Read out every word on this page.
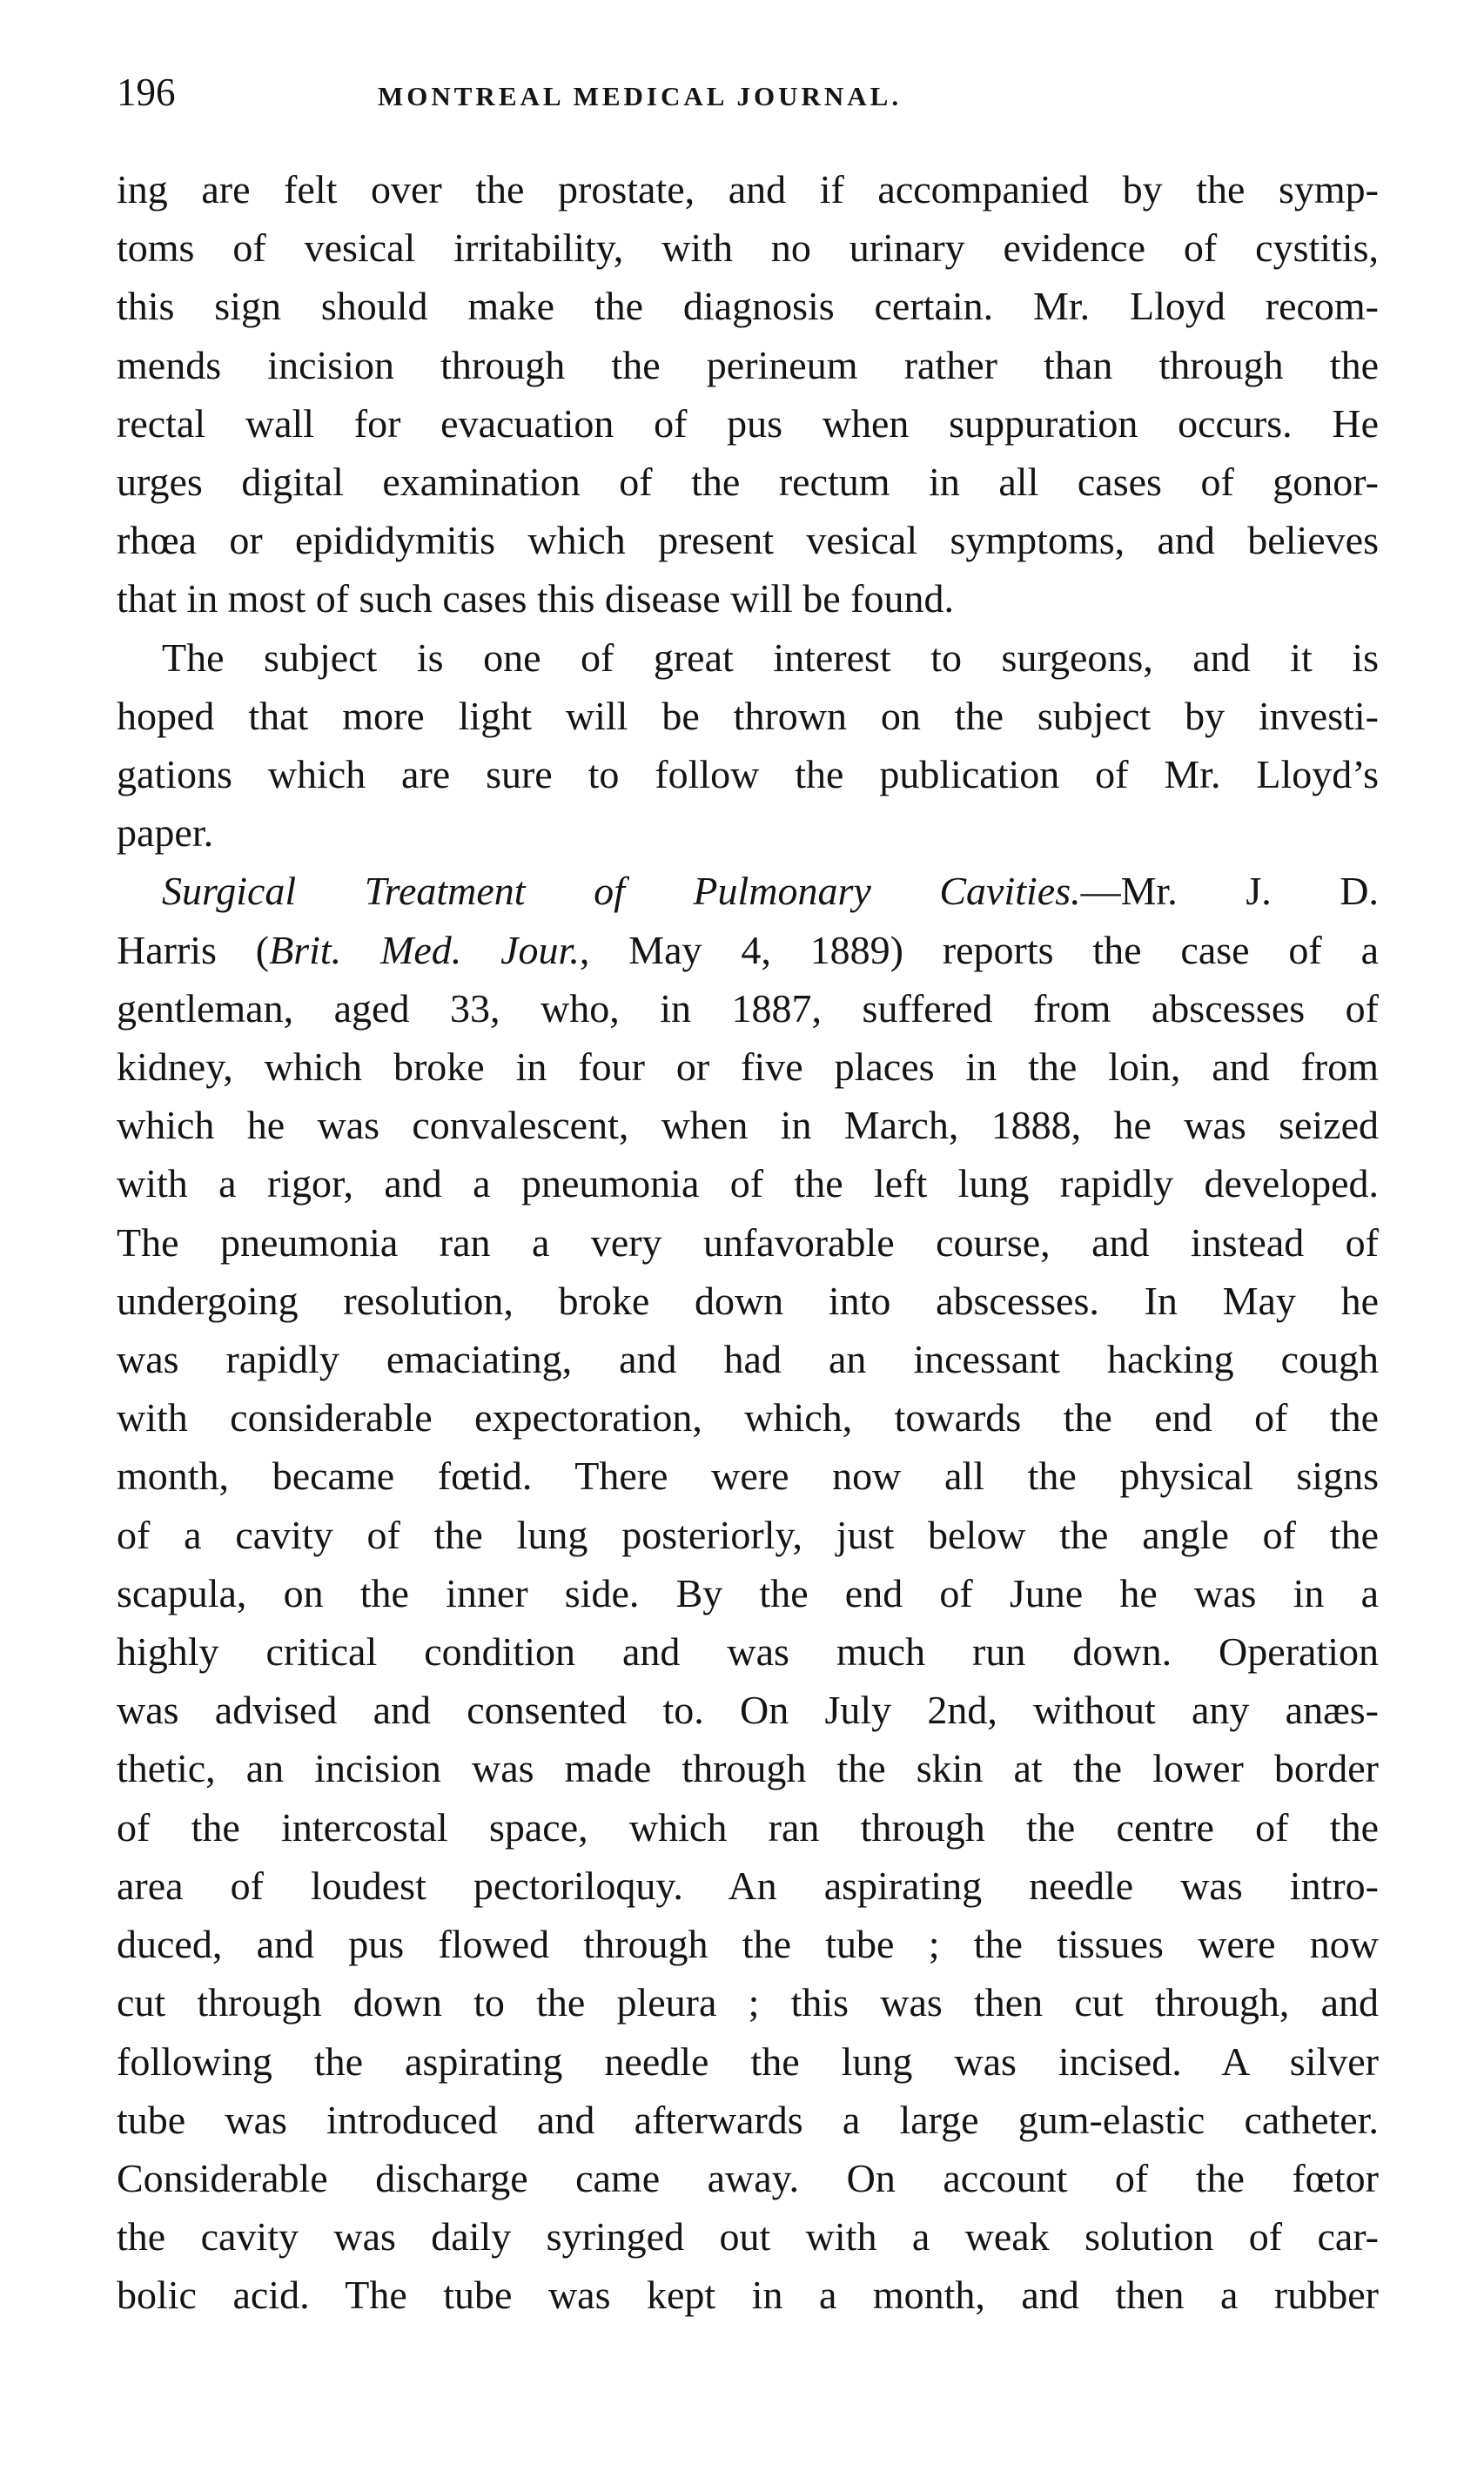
196	MONTREAL MEDICAL JOURNAL.

ing are felt over the prostate, and if accompanied by the symp-
toms of vesical irritability, with no urinary evidence of cystitis,
this sign should make the diagnosis certain. Mr. Lloyd recom-
mends incision through the perineum rather than through the
rectal wall for evacuation of pus when suppuration occurs. He
urges digital examination of the rectum in all cases of gonor-
rhœa or epididymitis which present vesical symptoms, and believes
that in most of such cases this disease will be found.

The subject is one of great interest to surgeons, and it is
hoped that more light will be thrown on the subject by investi-
gations which are sure to follow the publication of Mr. Lloyd’s
paper.

Surgical Treatment of Pulmonary Cavities.—Mr. J. D.
Harris (Brit. Med. Jour., May 4, 1889) reports the case of a
gentleman, aged 33, who, in 1887, suffered from abscesses of
kidney, which broke in four or five places in the loin, and from
which he was convalescent, when in March, 1888, he was seized
with a rigor, and a pneumonia of the left lung rapidly developed.
The pneumonia ran a very unfavorable course, and instead of
undergoing resolution, broke down into abscesses. In May he
was rapidly emaciating, and had an incessant hacking cough
with considerable expectoration, which, towards the end of the
month, became fœtid. There were now all the physical signs
of a cavity of the lung posteriorly, just below the angle of the
scapula, on the inner side. By the end of June he was in a
highly critical condition and was much run down. Operation
was advised and consented to. On July 2nd, without any anæs-
thetic, an incision was made through the skin at the lower border
of the intercostal space, which ran through the centre of the
area of loudest pectoriloquy. An aspirating needle was intro-
duced, and pus flowed through the tube ; the tissues were now
cut through down to the pleura ; this was then cut through, and
following the aspirating needle the lung was incised. A silver
tube was introduced and afterwards a large gum-elastic catheter.
Considerable discharge came away. On account of the fœtor
the cavity was daily syringed out with a weak solution of car-
bolic acid. The tube was kept in a month, and then a rubber
